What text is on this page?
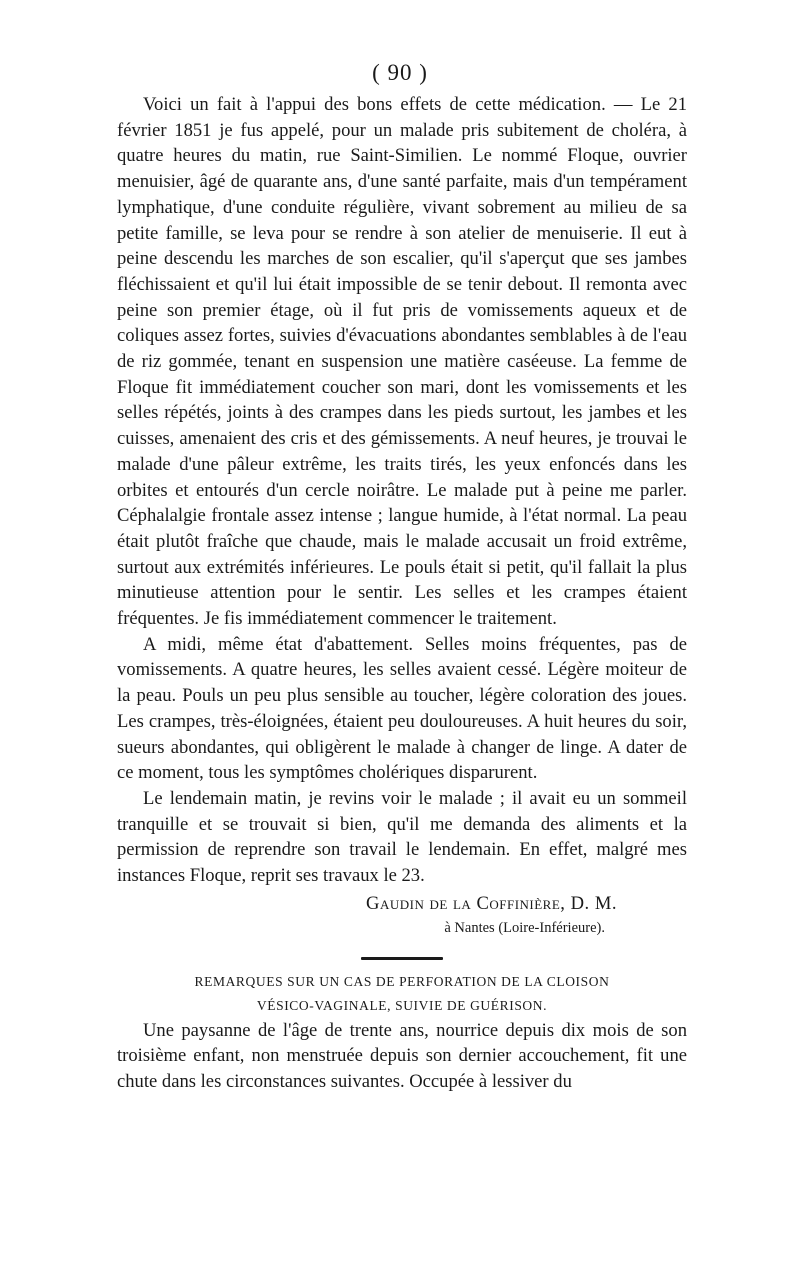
( 90 )

Voici un fait à l'appui des bons effets de cette médication. — Le 21 février 1851 je fus appelé, pour un malade pris subitement de choléra, à quatre heures du matin, rue Saint-Similien. Le nommé Floque, ouvrier menuisier, âgé de quarante ans, d'une santé parfaite, mais d'un tempérament lymphatique, d'une conduite régulière, vivant sobrement au milieu de sa petite famille, se leva pour se rendre à son atelier de menuiserie. Il eut à peine descendu les marches de son escalier, qu'il s'aperçut que ses jambes fléchissaient et qu'il lui était impossible de se tenir debout. Il remonta avec peine son premier étage, où il fut pris de vomissements aqueux et de coliques assez fortes, suivies d'évacuations abondantes semblables à de l'eau de riz gommée, tenant en suspension une matière caséeuse. La femme de Floque fit immédiatement coucher son mari, dont les vomissements et les selles répétés, joints à des crampes dans les pieds surtout, les jambes et les cuisses, amenaient des cris et des gémissements. A neuf heures, je trouvai le malade d'une pâleur extrême, les traits tirés, les yeux enfoncés dans les orbites et entourés d'un cercle noirâtre. Le malade put à peine me parler. Céphalalgie frontale assez intense ; langue humide, à l'état normal. La peau était plutôt fraîche que chaude, mais le malade accusait un froid extrême, surtout aux extrémités inférieures. Le pouls était si petit, qu'il fallait la plus minutieuse attention pour le sentir. Les selles et les crampes étaient fréquentes. Je fis immédiatement commencer le traitement.

A midi, même état d'abattement. Selles moins fréquentes, pas de vomissements. A quatre heures, les selles avaient cessé. Légère moiteur de la peau. Pouls un peu plus sensible au toucher, légère coloration des joues. Les crampes, très-éloignées, étaient peu douloureuses. A huit heures du soir, sueurs abondantes, qui obligèrent le malade à changer de linge. A dater de ce moment, tous les symptômes cholériques disparurent.

Le lendemain matin, je revins voir le malade ; il avait eu un sommeil tranquille et se trouvait si bien, qu'il me demanda des aliments et la permission de reprendre son travail le lendemain. En effet, malgré mes instances Floque, reprit ses travaux le 23.

Gaudin de la Coffinière, D. M.
à Nantes (Loire-Inférieure).

REMARQUES SUR UN CAS DE PERFORATION DE LA CLOISON

VÉSICO-VAGINALE, SUIVIE DE GUÉRISON.

Une paysanne de l'âge de trente ans, nourrice depuis dix mois de son troisième enfant, non menstruée depuis son dernier accouchement, fit une chute dans les circonstances suivantes. Occupée à lessiver du
